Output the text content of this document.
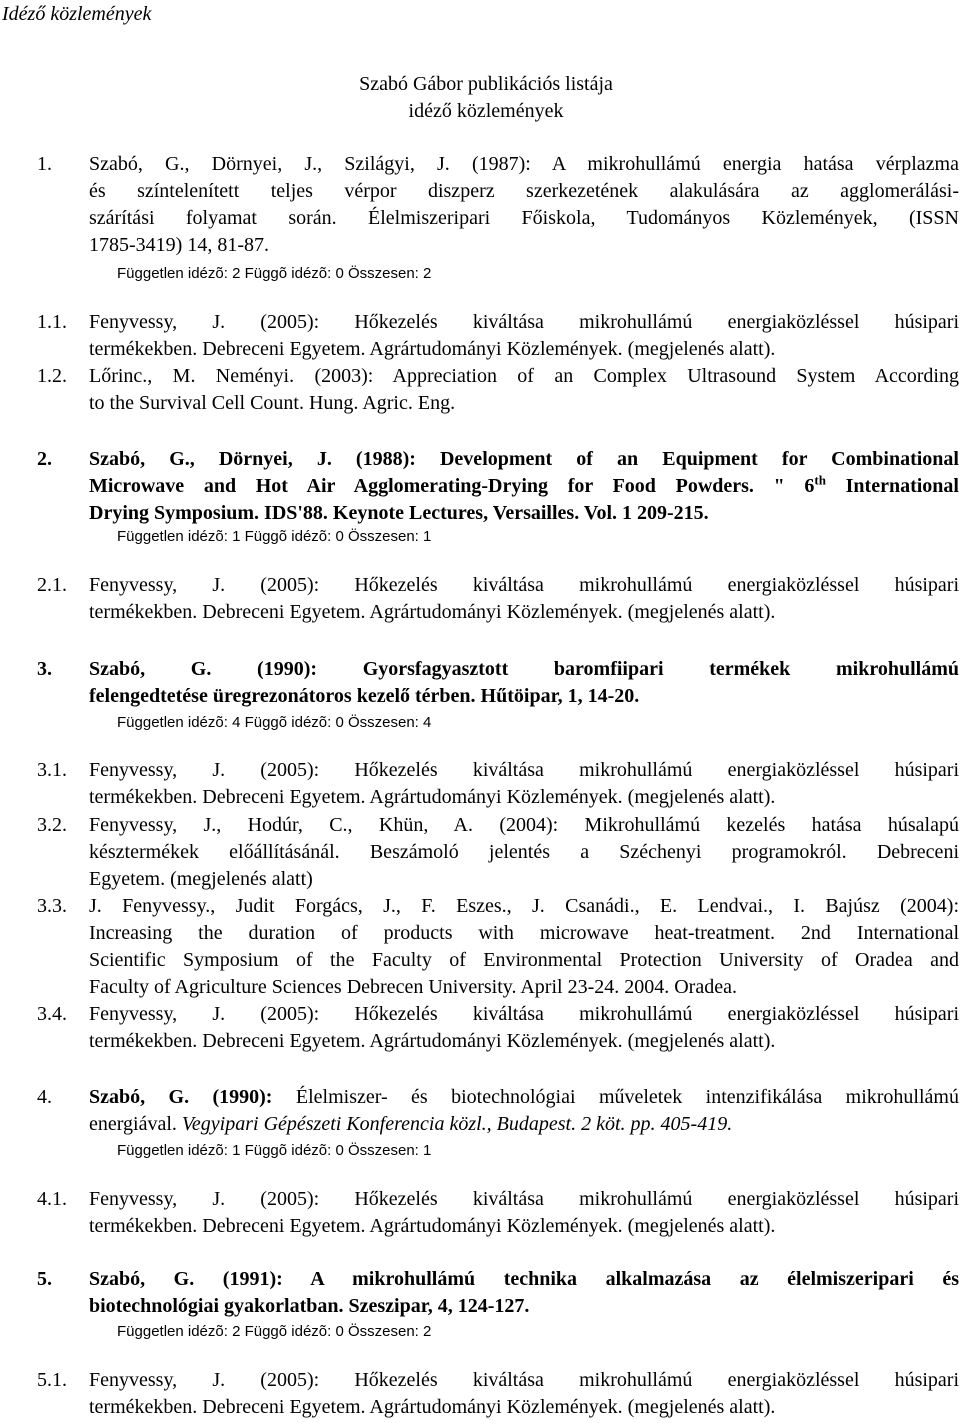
Idéző közlemények
Szabó Gábor publikációs listája
idéző közlemények
1. Szabó, G., Dörnyei, J., Szilágyi, J. (1987): A mikrohullámú energia hatása vérplazma
és színtelenített teljes vérpor diszperz szerkezetének alakulására az agglomerálási-
szárítási folyamat során. Élelmiszeripari Főiskola, Tudományos Közlemények, (ISSN
1785-3419) 14, 81-87.
Független idézõ: 2 Függõ idézõ: 0 Összesen: 2
1.1. Fenyvessy, J. (2005): Hőkezelés kiváltása mikrohullámú energiaközléssel húsipari
termékekben. Debreceni Egyetem. Agrártudományi Közlemények. (megjelenés alatt).
1.2. Lőrinc., M. Neményi. (2003): Appreciation of an Complex Ultrasound System According
to the Survival Cell Count. Hung. Agric. Eng.
2. Szabó, G., Dörnyei, J. (1988): Development of an Equipment for Combinational
Microwave and Hot Air Agglomerating-Drying for Food Powders. " 6th International
Drying Symposium. IDS'88. Keynote Lectures, Versailles. Vol. 1 209-215.
Független idézõ: 1 Függõ idézõ: 0 Összesen: 1
2.1. Fenyvessy, J. (2005): Hőkezelés kiváltása mikrohullámú energiaközléssel húsipari
termékekben. Debreceni Egyetem. Agrártudományi Közlemények. (megjelenés alatt).
3. Szabó, G. (1990): Gyorsfagyasztott baromfiipari termékek mikrohullámú
felengedtetése üregrezonátoros kezelő térben. Hűtöipar, 1, 14-20.
Független idézõ: 4 Függõ idézõ: 0 Összesen: 4
3.1. Fenyvessy, J. (2005): Hőkezelés kiváltása mikrohullámú energiaközléssel húsipari
termékekben. Debreceni Egyetem. Agrártudományi Közlemények. (megjelenés alatt).
3.2. Fenyvessy, J., Hodúr, C., Khün, A. (2004): Mikrohullámú kezelés hatása húsalapú
késztermékek előállításánál. Beszámoló jelentés a Széchenyi programokról. Debreceni
Egyetem. (megjelenés alatt)
3.3. J. Fenyvessy., Judit Forgács, J., F. Eszes., J. Csanádi., E. Lendvai., I. Bajúsz (2004):
Increasing the duration of products with microwave heat-treatment. 2nd International
Scientific Symposium of the Faculty of Environmental Protection University of Oradea and
Faculty of Agriculture Sciences Debrecen University. April 23-24. 2004. Oradea.
3.4. Fenyvessy, J. (2005): Hőkezelés kiváltása mikrohullámú energiaközléssel húsipari
termékekben. Debreceni Egyetem. Agrártudományi Közlemények. (megjelenés alatt).
4. Szabó, G. (1990): Élelmiszer- és biotechnológiai műveletek intenzifikálása mikrohullámú
energiával. Vegyipari Gépészeti Konferencia közl., Budapest. 2 köt. pp. 405-419.
Független idézõ: 1 Függõ idézõ: 0 Összesen: 1
4.1. Fenyvessy, J. (2005): Hőkezelés kiváltása mikrohullámú energiaközléssel húsipari
termékekben. Debreceni Egyetem. Agrártudományi Közlemények. (megjelenés alatt).
5. Szabó, G. (1991): A mikrohullámú technika alkalmazása az élelmiszeripari és
biotechnológiai gyakorlatban. Szeszipar, 4, 124-127.
Független idézõ: 2 Függõ idézõ: 0 Összesen: 2
5.1. Fenyvessy, J. (2005): Hőkezelés kiváltása mikrohullámú energiaközléssel húsipari
termékekben. Debreceni Egyetem. Agrártudományi Közlemények. (megjelenés alatt).
